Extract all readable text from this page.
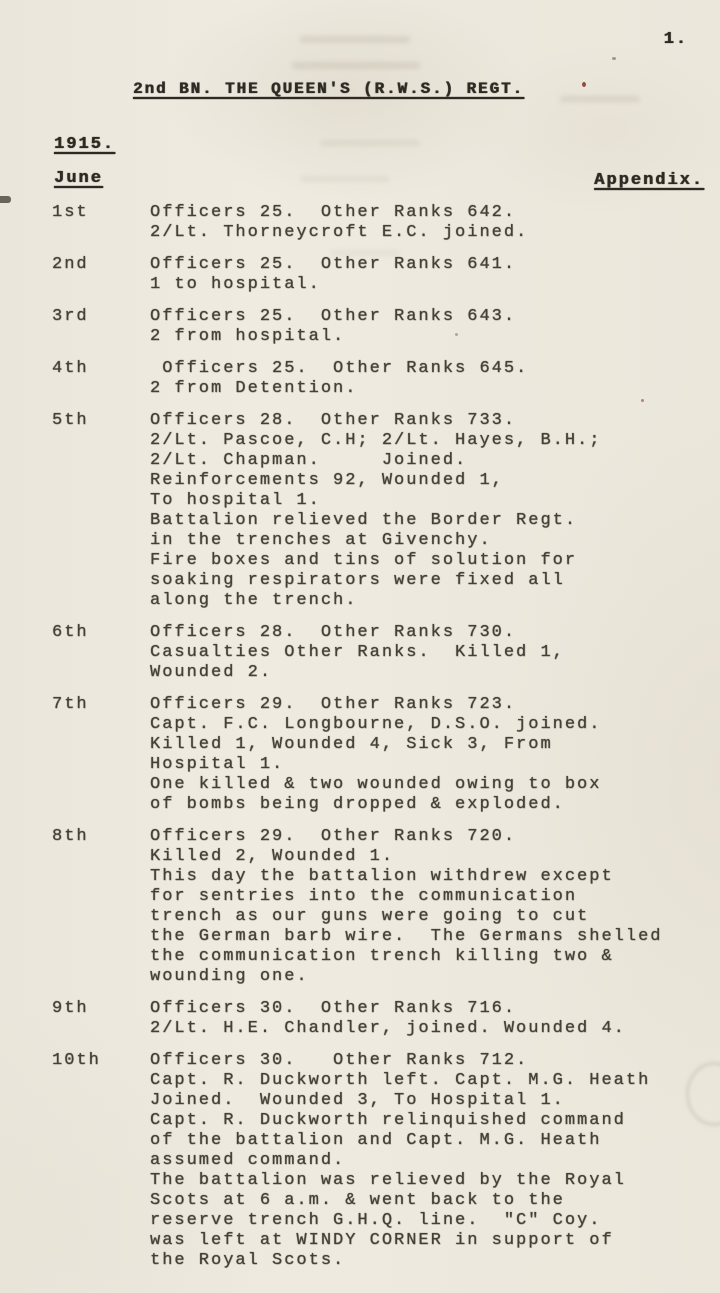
1.
2nd BN. THE QUEEN'S (R.W.S.) REGT.
1915.
June	Appendix.
1st	Officers 25.  Other Ranks 642.
2/Lt. Thorneycroft E.C. joined.
2nd	Officers 25.  Other Ranks 641.
1 to hospital.
3rd	Officers 25.  Other Ranks 643.
2 from hospital.
4th	Officers 25.  Other Ranks 645.
2 from Detention.
5th	Officers 28.  Other Ranks 733.
2/Lt. Pascoe, C.H; 2/Lt. Hayes, B.H.;
2/Lt. Chapman.     Joined.
Reinforcements 92, Wounded 1,
To hospital 1.
Battalion relieved the Border Regt.
in the trenches at Givenchy.
Fire boxes and tins of solution for
soaking respirators were fixed all
along the trench.
6th	Officers 28.  Other Ranks 730.
Casualties Other Ranks.  Killed 1,
Wounded 2.
7th	Officers 29.  Other Ranks 723.
Capt. F.C. Longbourne, D.S.O. joined.
Killed 1, Wounded 4, Sick 3, From
Hospital 1.
One killed & two wounded owing to box
of bombs being dropped & exploded.
8th	Officers 29.  Other Ranks 720.
Killed 2, Wounded 1.
This day the battalion withdrew except
for sentries into the communication
trench as our guns were going to cut
the German barb wire.  The Germans shelled
the communication trench killing two &
wounding one.
9th	Officers 30.  Other Ranks 716.
2/Lt. H.E. Chandler, joined. Wounded 4.
10th	Officers 30.   Other Ranks 712.
Capt. R. Duckworth left. Capt. M.G. Heath
Joined.  Wounded 3, To Hospital 1.
Capt. R. Duckworth relinquished command
of the battalion and Capt. M.G. Heath
assumed command.
The battalion was relieved by the Royal
Scots at 6 a.m. & went back to the
reserve trench G.H.Q. line.  "C" Coy.
was left at WINDY CORNER in support of
the Royal Scots.
